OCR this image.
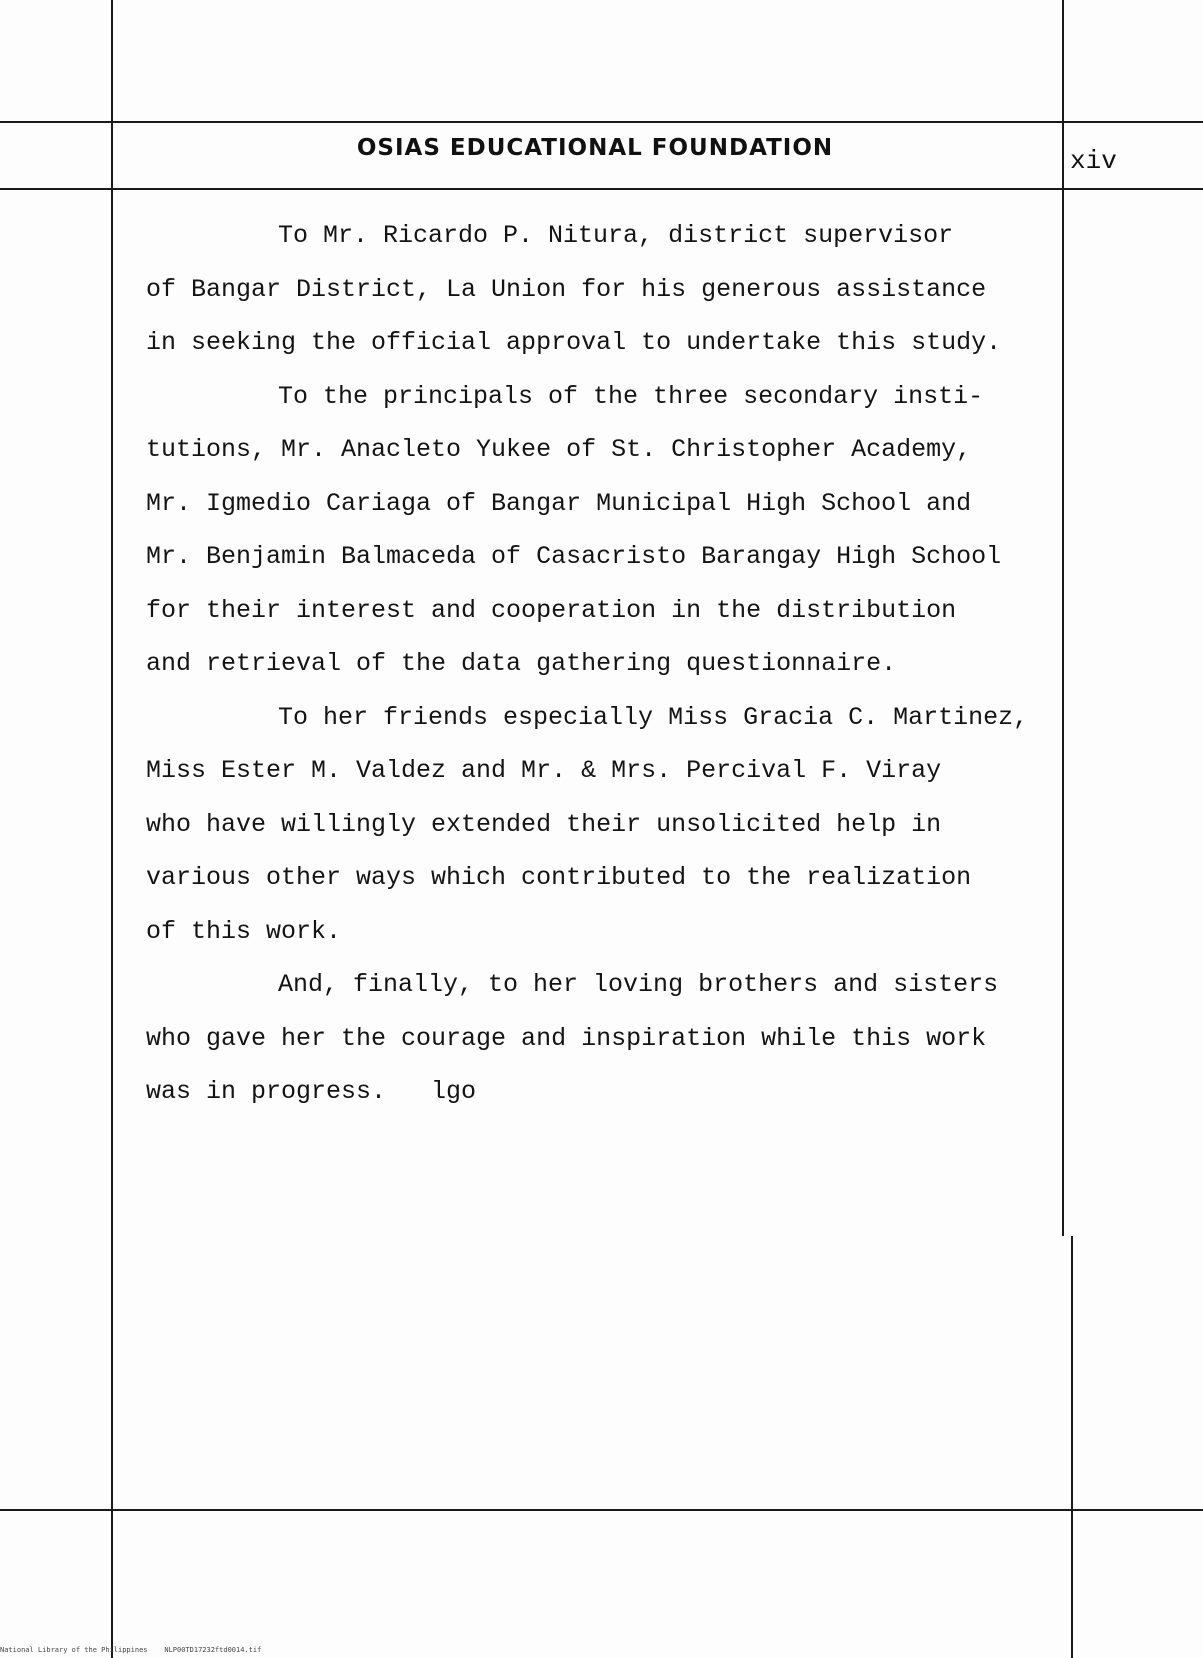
OSIAS EDUCATIONAL FOUNDATION	xiv
To Mr. Ricardo P. Nitura, district supervisor
of Bangar District, La Union for his generous assistance
in seeking the official approval to undertake this study.
To the principals of the three secondary insti-
tutions, Mr. Anacleto Yukee of St. Christopher Academy,
Mr. Igmedio Cariaga of Bangar Municipal High School and
Mr. Benjamin Balmaceda of Casacristo Barangay High School
for their interest and cooperation in the distribution
and retrieval of the data gathering questionnaire.
To her friends especially Miss Gracia C. Martinez,
Miss Ester M. Valdez and Mr. & Mrs. Percival F. Viray
who have willingly extended their unsolicited help in
various other ways which contributed to the realization
of this work.
And, finally, to her loving brothers and sisters
who gave her the courage and inspiration while this work
was in progress.   lgo
National Library of the Philippines    NLP00TD17232ftd0014.tif
